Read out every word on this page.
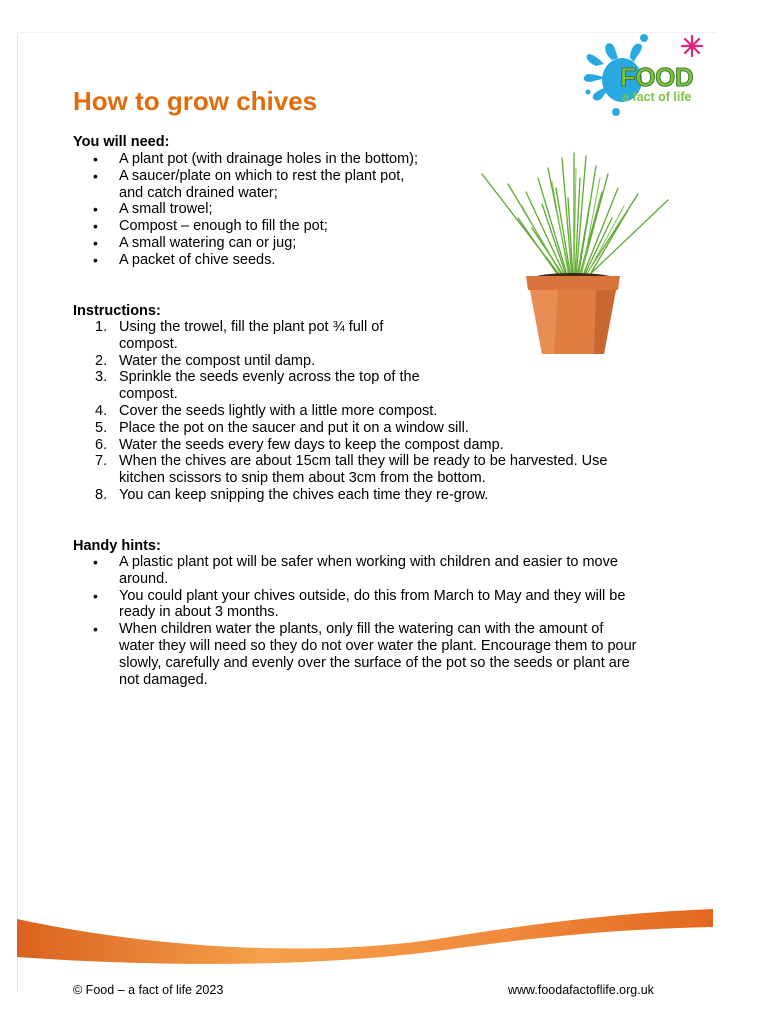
FOOD
a fact of life
How to grow chives

You will need:

• A plant pot (with drainage holes in the bottom);
• A saucer/plate on which to rest the plant pot,
and catch drained water;
• A small trowel;
• Compost – enough to fill the pot;
• A small watering can or jug;
• A packet of chive seeds.

Instructions:

1. Using the trowel, fill the plant pot ¾ full of
compost.
2. Water the compost until damp.
3. Sprinkle the seeds evenly across the top of the
compost.
4. Cover the seeds lightly with a little more compost.
5. Place the pot on the saucer and put it on a window sill.
6. Water the seeds every few days to keep the compost damp.
7. When the chives are about 15cm tall they will be ready to be harvested. Use
kitchen scissors to snip them about 3cm from the bottom.
8. You can keep snipping the chives each time they re-grow.

Handy hints:

• A plastic plant pot will be safer when working with children and easier to move
around.
• You could plant your chives outside, do this from March to May and they will be
ready in about 3 months.
• When children water the plants, only fill the watering can with the amount of
water they will need so they do not over water the plant. Encourage them to pour
slowly, carefully and evenly over the surface of the pot so the seeds or plant are
not damaged.

© Food – a fact of life 2023	www.foodafactoflife.org.uk
